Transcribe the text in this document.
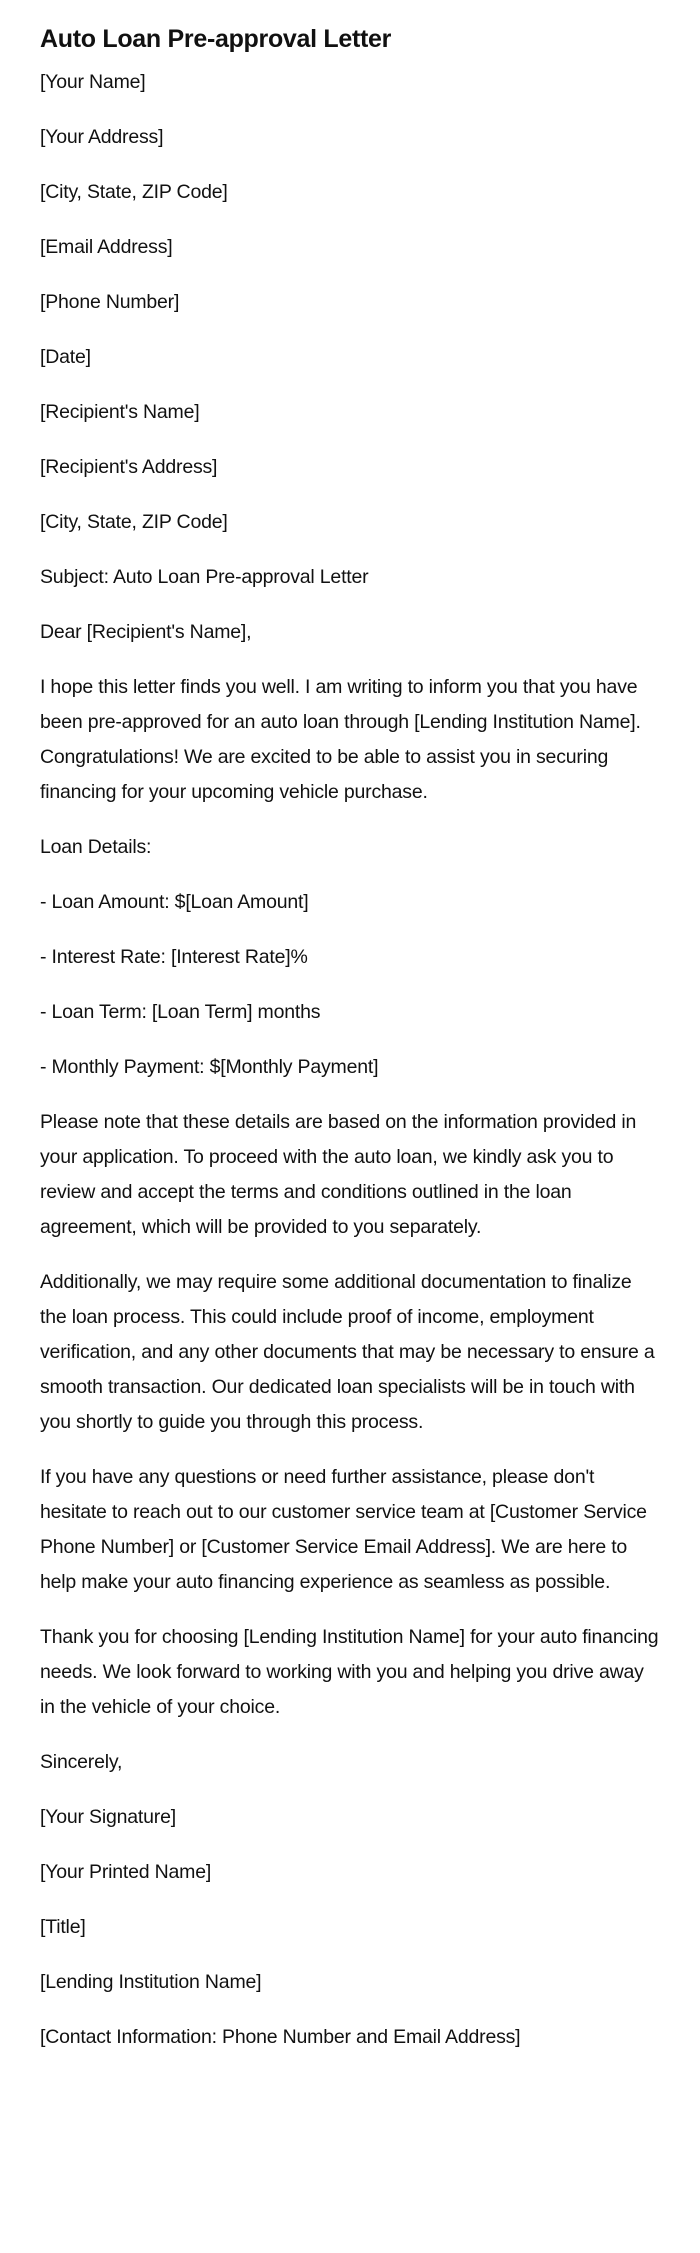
Auto Loan Pre-approval Letter

[Your Name]

[Your Address]

[City, State, ZIP Code]

[Email Address]

[Phone Number]

[Date]

[Recipient's Name]

[Recipient's Address]

[City, State, ZIP Code]

Subject: Auto Loan Pre-approval Letter

Dear [Recipient's Name],

I hope this letter finds you well. I am writing to inform you that you have been pre-approved for an auto loan through [Lending Institution Name]. Congratulations! We are excited to be able to assist you in securing financing for your upcoming vehicle purchase.

Loan Details:

- Loan Amount: $[Loan Amount]

- Interest Rate: [Interest Rate]%

- Loan Term: [Loan Term] months

- Monthly Payment: $[Monthly Payment]

Please note that these details are based on the information provided in your application. To proceed with the auto loan, we kindly ask you to review and accept the terms and conditions outlined in the loan agreement, which will be provided to you separately.

Additionally, we may require some additional documentation to finalize the loan process. This could include proof of income, employment verification, and any other documents that may be necessary to ensure a smooth transaction. Our dedicated loan specialists will be in touch with you shortly to guide you through this process.

If you have any questions or need further assistance, please don't hesitate to reach out to our customer service team at [Customer Service Phone Number] or [Customer Service Email Address]. We are here to help make your auto financing experience as seamless as possible.

Thank you for choosing [Lending Institution Name] for your auto financing needs. We look forward to working with you and helping you drive away in the vehicle of your choice.

Sincerely,

[Your Signature]

[Your Printed Name]

[Title]

[Lending Institution Name]

[Contact Information: Phone Number and Email Address]
